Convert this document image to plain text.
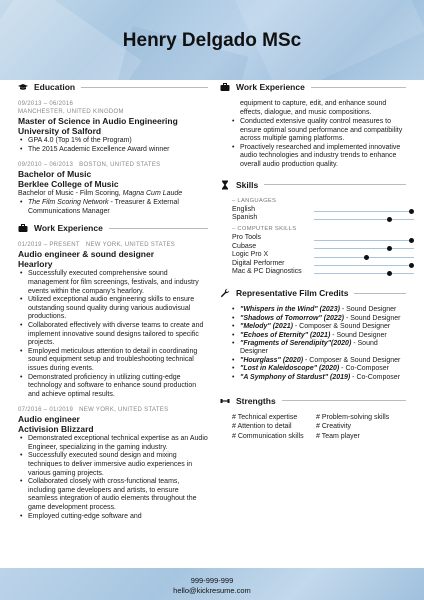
Henry Delgado MSc
Education
09/2013 – 06/2016
MANCHESTER, UNITED KINGDOM
Master of Science in Audio Engineering
University of Salford
• GPA 4.0 (Top 1% of the Program)
• The 2015 Academic Excellence Award winner
09/2010 – 06/2013 BOSTON, UNITED STATES
Bachelor of Music
Berklee College of Music
Bachelor of Music - Film Scoring, Magna Cum Laude
• The Film Scoring Network - Treasurer & External Communications Manager
Work Experience
01/2019 – PRESENT NEW YORK, UNITED STATES
Audio engineer & sound designer
Hearlory
• Successfully executed comprehensive sound management for film screenings, festivals, and industry events within the company's hearlory.
• Utilized exceptional audio engineering skills to ensure outstanding sound quality during various audiovisual productions.
• Collaborated effectively with diverse teams to create and implement innovative sound designs tailored to specific projects.
• Employed meticulous attention to detail in coordinating sound equipment setup and troubleshooting technical issues during events.
• Demonstrated proficiency in utilizing cutting-edge technology and software to enhance sound production and achieve optimal results.
07/2016 – 01/2019 NEW YORK, UNITED STATES
Audio engineer
Activision Blizzard
• Demonstrated exceptional technical expertise as an Audio Engineer, specializing in the gaming industry.
• Successfully executed sound design and mixing techniques to deliver immersive audio experiences in various gaming projects.
• Collaborated closely with cross-functional teams, including game developers and artists, to ensure seamless integration of audio elements throughout the game development process.
• Employed cutting-edge software and
Work Experience
equipment to capture, edit, and enhance sound effects, dialogue, and music compositions.
• Conducted extensive quality control measures to ensure optimal sound performance and compatibility across multiple gaming platforms.
• Proactively researched and implemented innovative audio technologies and industry trends to enhance overall audio production quality.
Skills
– LANGUAGES
English
Spanish
– COMPUTER SKILLS
Pro Tools
Cubase
Logic Pro X
Digital Performer
Mac & PC Diagnostics
Representative Film Credits
• "Whispers in the Wind" (2023) - Sound Designer
• "Shadows of Tomorrow" (2022) - Sound Designer
• "Melody" (2021) - Composer & Sound Designer
• "Echoes of Eternity" (2021) - Sound Designer
• "Fragments of Serendipity"(2020) - Sound Designer
• "Hourglass" (2020) - Composer & Sound Designer
• "Lost in Kaleidoscope" (2020) - Co-Composer
• "A Symphony of Stardust" (2019) - Co-Composer
Strengths
# Technical expertise	# Problem-solving skills
# Attention to detail	# Creativity
# Communication skills	# Team player
999-999-999
hello@kickresume.com
